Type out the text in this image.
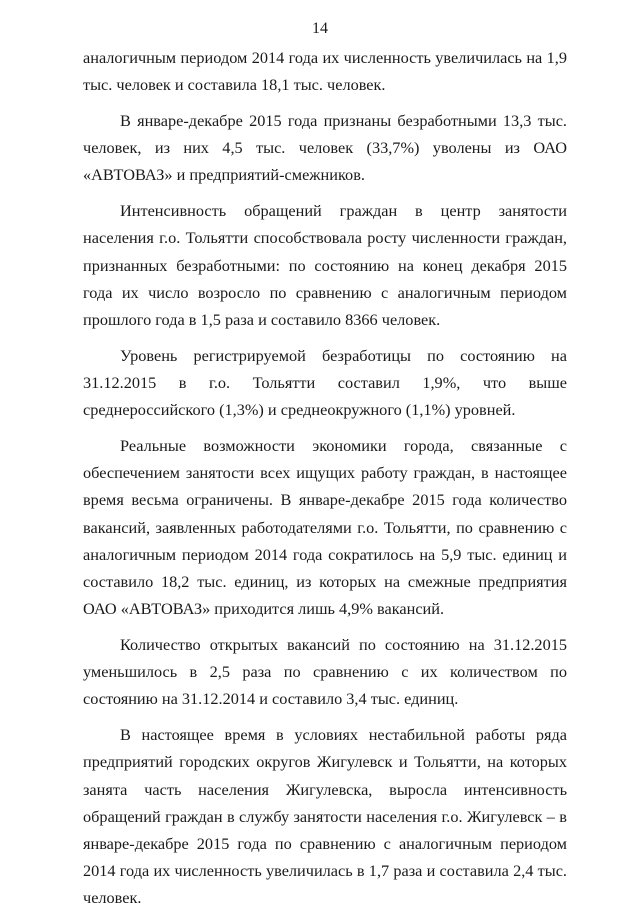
14

аналогичным периодом 2014 года их численность увеличилась на 1,9 тыс. человек и составила 18,1 тыс. человек.

В январе-декабре 2015 года признаны безработными 13,3 тыс. человек, из них 4,5 тыс. человек (33,7%) уволены из ОАО «АВТОВАЗ» и предприятий-смежников.

Интенсивность обращений граждан в центр занятости населения г.о. Тольятти способствовала росту численности граждан, признанных безработными: по состоянию на конец декабря 2015 года их число возросло по сравнению с аналогичным периодом прошлого года в 1,5 раза и составило 8366 человек.

Уровень регистрируемой безработицы по состоянию на 31.12.2015 в г.о. Тольятти составил 1,9%, что выше среднероссийского (1,3%) и среднеокружного (1,1%) уровней.

Реальные возможности экономики города, связанные с обеспечением занятости всех ищущих работу граждан, в настоящее время весьма ограничены. В январе-декабре 2015 года количество вакансий, заявленных работодателями г.о. Тольятти, по сравнению с аналогичным периодом 2014 года сократилось на 5,9 тыс. единиц и составило 18,2 тыс. единиц, из которых на смежные предприятия ОАО «АВТОВАЗ» приходится лишь 4,9% вакансий.

Количество открытых вакансий по состоянию на 31.12.2015 уменьшилось в 2,5 раза по сравнению с их количеством по состоянию на 31.12.2014 и составило 3,4 тыс. единиц.

В настоящее время в условиях нестабильной работы ряда предприятий городских округов Жигулевск и Тольятти, на которых занята часть населения Жигулевска, выросла интенсивность обращений граждан в службу занятости населения г.о. Жигулевск – в январе-декабре 2015 года по сравнению с аналогичным периодом 2014 года их численность увеличилась в 1,7 раза и составила 2,4 тыс. человек.
